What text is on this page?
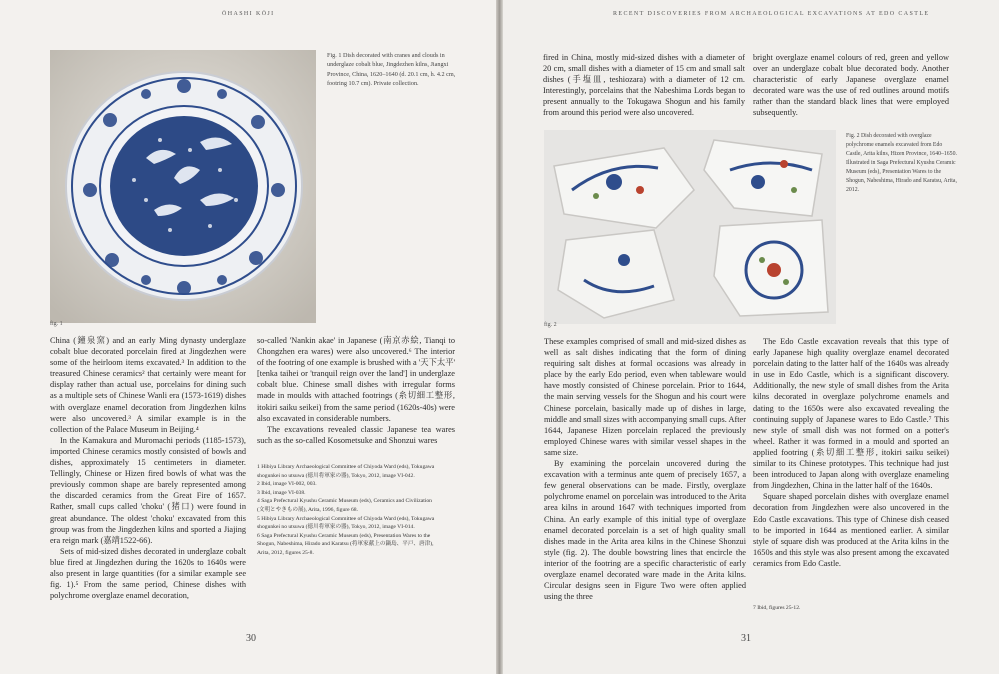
ŌHASHI KŌJI
Fig. 1 Dish decorated with cranes and clouds in underglaze cobalt blue, Jingdezhen kilns, Jiangxi Province, China, 1620–1640 (d. 20.1 cm, h. 4.2 cm, footring 10.7 cm). Private collection.
fig. 1

China (鐘泉窯) and an early Ming dynasty underglaze cobalt blue decorated porcelain fired at Jingdezhen were some of the heirloom items excavated.³ In addition to the treasured Chinese ceramics² that certainly were meant for display rather than actual use, porcelains for dining such as a multiple sets of Chinese Wanli era (1573-1619) dishes with overglaze enamel decoration from Jingdezhen kilns were also uncovered.³ A similar example is in the collection of the Palace Museum in Beijing.⁴

In the Kamakura and Muromachi periods (1185-1573), imported Chinese ceramics mostly consisted of bowls and dishes, approximately 15 centimeters in diameter. Tellingly, Chinese or Hizen fired bowls of what was the previously common shape are barely represented among the discarded ceramics from the Great Fire of 1657. Rather, small cups called 'choku' (猪口) were found in great abundance. The oldest 'choku' excavated from this group was from the Jingdezhen kilns and sported a Jiajing era reign mark (嘉靖1522-66).

Sets of mid-sized dishes decorated in underglaze cobalt blue fired at Jingdezhen during the 1620s to 1640s were also present in large quantities (for a similar example see fig. 1).⁵ From the same period, Chinese dishes with polychrome overglaze enamel decoration,

so-called 'Nankin akae' in Japanese (南京赤絵, Tianqi to Chongzhen era wares) were also uncovered.⁶ The interior of the footring of one example is brushed with a '天下太平' [tenka taihei or 'tranquil reign over the land'] in underglaze cobalt blue. Chinese small dishes with irregular forms made in moulds with attached footrings (糸切細工整形, itokiri saiku seikei) from the same period (1620s-40s) were also excavated in considerable numbers.

The excavations revealed classic Japanese tea wares such as the so-called Kosometsuke and Shonzui wares

1 Hibiya Library Archaeological Committee of Chiyoda Ward (eds), Tokugawa shogunkei no utsuwa (徳川将軍家の器), Tokyo, 2012, image VI-042.
2 Ibid, image VI-002, 003.
3 Ibid, image VI-038.
4 Saga Prefectural Kyushu Ceramic Museum (eds), Ceramics and Civilization (文明とやきもの展), Arita, 1996, figure 68.
5 Hibiya Library Archaeological Committee of Chiyoda Ward (eds), Tokugawa shogunkei no utsuwa (徳川将軍家の器), Tokyo, 2012, image VI-014.
6 Saga Prefectural Kyushu Ceramic Museum (eds), Presentation Wares to the Shogun, Nabeshima, Hirado and Karatsu (将軍家献上の鍋島、平戸、唐津), Arita, 2012, figures 25-8.
30
RECENT DISCOVERIES FROM ARCHAEOLOGICAL EXCAVATIONS AT EDO CASTLE

fired in China, mostly mid-sized dishes with a diameter of 20 cm, small dishes with a diameter of 15 cm and small salt dishes (手塩皿, teshiozara) with a diameter of 12 cm. Interestingly, porcelains that the Nabeshima Lords began to present annually to the Tokugawa Shogun and his family from around this period were also uncovered.

bright overglaze enamel colours of red, green and yellow over an underglaze cobalt blue decorated body. Another characteristic of early Japanese overglaze enamel decorated ware was the use of red outlines around motifs rather than the standard black lines that were employed subsequently.

Fig. 2 Dish decorated with overglaze polychrome enamels excavated from Edo Castle, Arita kilns, Hizen Province, 1640–1650. Illustrated in Saga Prefectural Kyushu Ceramic Museum (eds), Presentation Wares to the Shogun, Nabeshima, Hirado and Karatsu, Arita, 2012.
fig. 2

These examples comprised of small and mid-sized dishes as well as salt dishes indicating that the form of dining requiring salt dishes at formal occasions was already in place by the early Edo period, even when tableware would have mostly consisted of Chinese porcelain. Prior to 1644, the main serving vessels for the Shogun and his court were Chinese porcelain, basically made up of dishes in large, middle and small sizes with accompanying small cups. After 1644, Japanese Hizen porcelain replaced the previously employed Chinese wares with similar vessel shapes in the same size.

By examining the porcelain uncovered during the excavation with a terminus ante quem of precisely 1657, a few general observations can be made. Firstly, overglaze polychrome enamel on porcelain was introduced to the Arita area kilns in around 1647 with techniques imported from China. An early example of this initial type of overglaze enamel decorated porcelain is a set of high quality small dishes made in the Arita area kilns in the Chinese Shonzui style (fig. 2). The double bowstring lines that encircle the interior of the footring are a specific characteristic of early overglaze enamel decorated ware made in the Arita kilns. Circular designs seen in Figure Two were often applied using the three

The Edo Castle excavation reveals that this type of early Japanese high quality overglaze enamel decorated porcelain dating to the latter half of the 1640s was already in use in Edo Castle, which is a significant discovery. Additionally, the new style of small dishes from the Arita kilns decorated in overglaze polychrome enamels and dating to the 1650s were also excavated revealing the continuing supply of Japanese wares to Edo Castle.⁷ This new style of small dish was not formed on a potter's wheel. Rather it was formed in a mould and sported an applied footring (糸切細工整形, itokiri saiku seikei) similar to its Chinese prototypes. This technique had just been introduced to Japan along with overglaze enameling from Jingdezhen, China in the latter half of the 1640s.

Square shaped porcelain dishes with overglaze enamel decoration from Jingdezhen were also uncovered in the Edo Castle excavations. This type of Chinese dish ceased to be imported in 1644 as mentioned earlier. A similar style of square dish was produced at the Arita kilns in the 1650s and this style was also present among the excavated ceramics from Edo Castle.

7 Ibid, figures 25-12.
31
